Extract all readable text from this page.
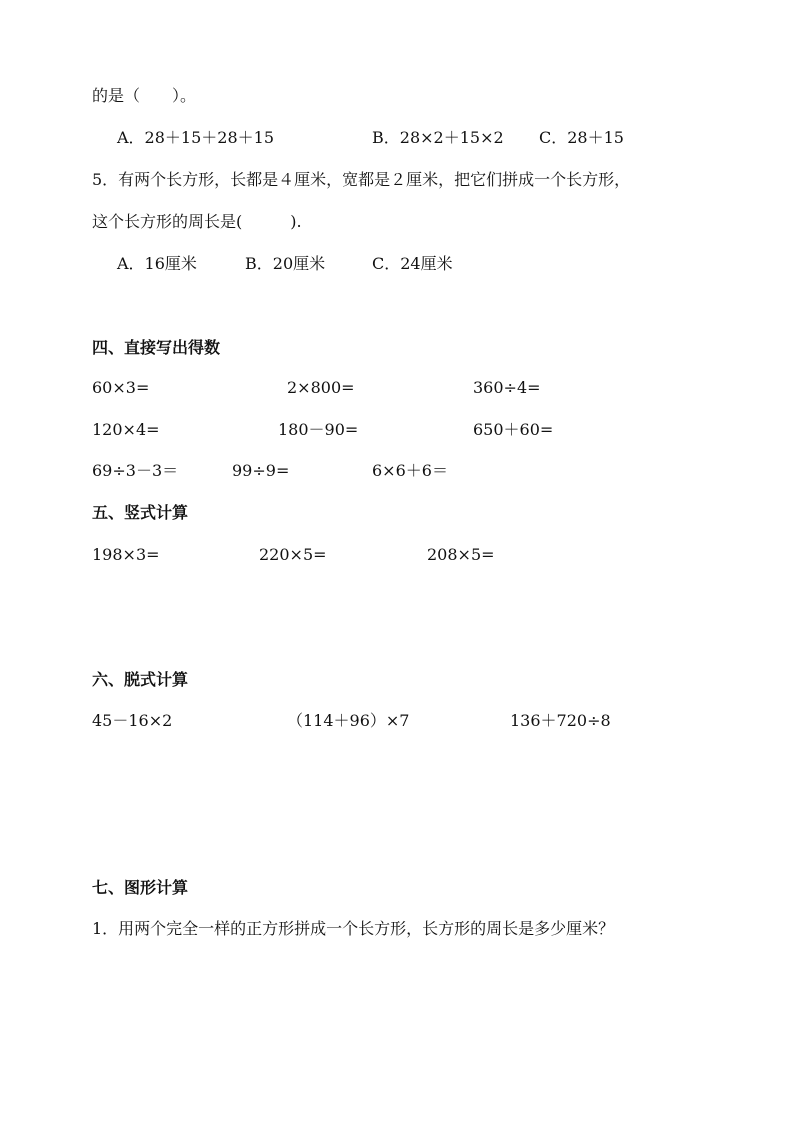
的是（　　）。
A．28＋15＋28＋15	B．28×2＋15×2 C．28＋15
5．有两个长方形，长都是４厘米，宽都是２厘米，把它们拼成一个长方形，
这个长方形的周长是(　　　).
A．16厘米	B．20厘米	C．24厘米
四、直接写出得数
60×3=	2×800=	360÷4=
120×4=	180－90=	650＋60=
69÷3－3＝	99÷9=	6×6＋6＝
五、竖式计算
198×3=	220×5=	208×5=
六、脱式计算
45－16×2	（114＋96）×7	136＋720÷8
七、图形计算
1．用两个完全一样的正方形拼成一个长方形，长方形的周长是多少厘米？
